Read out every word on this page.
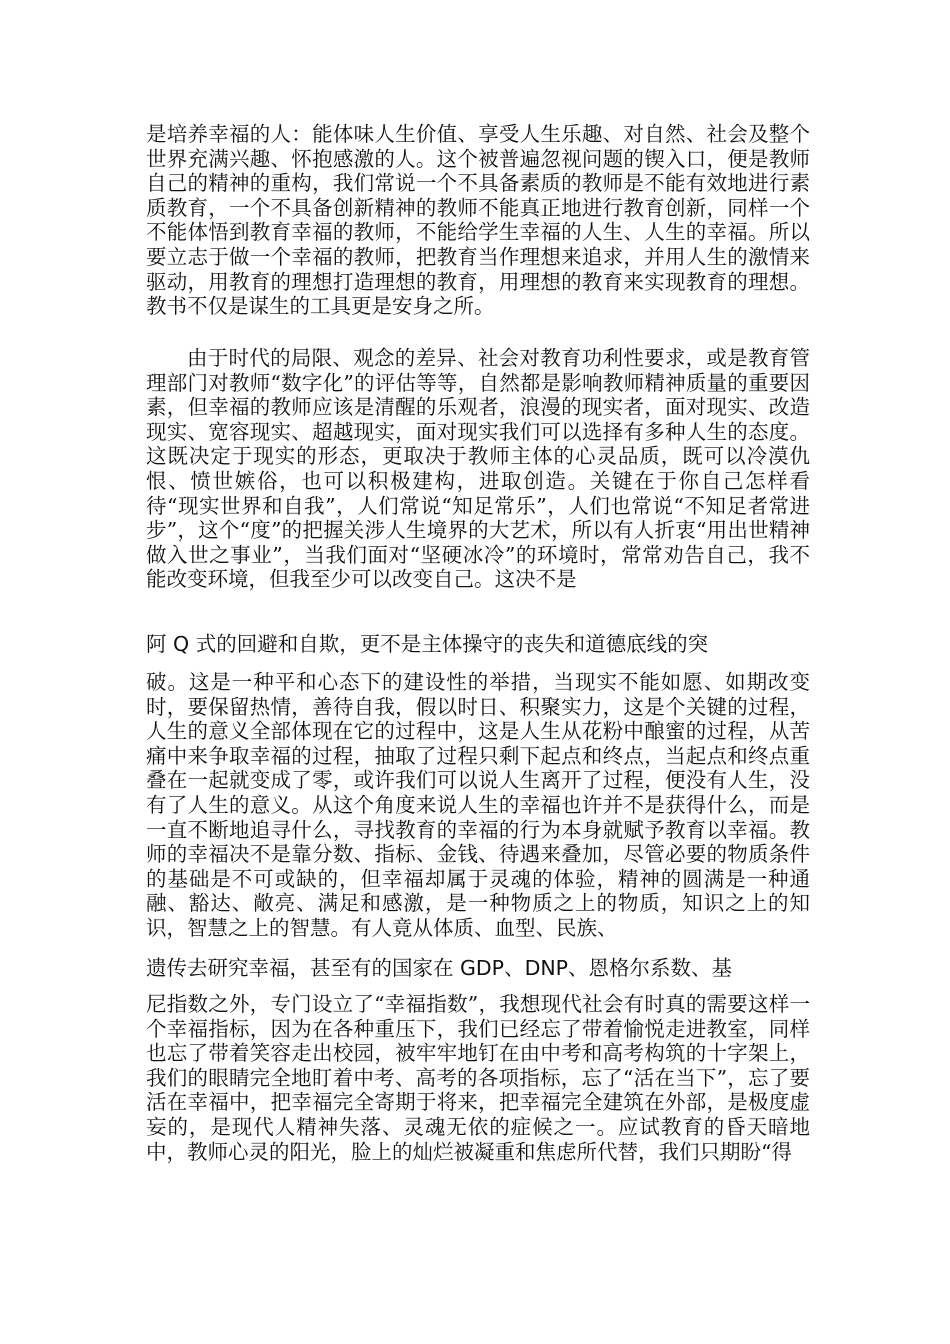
是培养幸福的人：能体味人生价值、享受人生乐趣、对自然、社会及整个世界充满兴趣、怀抱感激的人。这个被普遍忽视问题的锲入口，便是教师自己的精神的重构，我们常说一个不具备素质的教师是不能有效地进行素质教育，一个不具备创新精神的教师不能真正地进行教育创新，同样一个不能体悟到教育幸福的教师，不能给学生幸福的人生、人生的幸福。所以要立志于做一个幸福的教师，把教育当作理想来追求，并用人生的激情来驱动，用教育的理想打造理想的教育，用理想的教育来实现教育的理想。教书不仅是谋生的工具更是安身之所。

由于时代的局限、观念的差异、社会对教育功利性要求，或是教育管理部门对教师“数字化”的评估等等，自然都是影响教师精神质量的重要因素，但幸福的教师应该是清醒的乐观者，浪漫的现实者，面对现实、改造现实、宽容现实、超越现实，面对现实我们可以选择有多种人生的态度。这既决定于现实的形态，更取决于教师主体的心灵品质，既可以冷漠仇恨、愤世嫉俗，也可以积极建构，进取创造。关键在于你自己怎样看待“现实世界和自我”，人们常说“知足常乐”，人们也常说“不知足者常进步”，这个“度”的把握关涉人生境界的大艺术，所以有人折衷“用出世精神做入世之事业”，当我们面对“坚硬冰冷”的环境时，常常劝告自己，我不能改变环境，但我至少可以改变自己。这决不是

阿 Q 式的回避和自欺，更不是主体操守的丧失和道德底线的突

破。这是一种平和心态下的建设性的举措，当现实不能如愿、如期改变时，要保留热情，善待自我，假以时日、积聚实力，这是个关键的过程，人生的意义全部体现在它的过程中，这是人生从花粉中酿蜜的过程，从苦痛中来争取幸福的过程，抽取了过程只剩下起点和终点，当起点和终点重叠在一起就变成了零，或许我们可以说人生离开了过程，便没有人生，没有了人生的意义。从这个角度来说人生的幸福也许并不是获得什么，而是一直不断地追寻什么，寻找教育的幸福的行为本身就赋予教育以幸福。教师的幸福决不是靠分数、指标、金钱、待遇来叠加，尽管必要的物质条件的基础是不可或缺的，但幸福却属于灵魂的体验，精神的圆满是一种通融、豁达、敞亮、满足和感激，是一种物质之上的物质，知识之上的知识，智慧之上的智慧。有人竟从体质、血型、民族、

遗传去研究幸福，甚至有的国家在 GDP、DNP、恩格尔系数、基

尼指数之外，专门设立了“幸福指数”，我想现代社会有时真的需要这样一个幸福指标，因为在各种重压下，我们已经忘了带着愉悦走进教室，同样也忘了带着笑容走出校园，被牢牢地钉在由中考和高考构筑的十字架上，我们的眼睛完全地盯着中考、高考的各项指标，忘了“活在当下”，忘了要活在幸福中，把幸福完全寄期于将来，把幸福完全建筑在外部，是极度虚妄的，是现代人精神失落、灵魂无依的症候之一。应试教育的昏天暗地中，教师心灵的阳光，脸上的灿烂被凝重和焦虑所代替，我们只期盼“得
